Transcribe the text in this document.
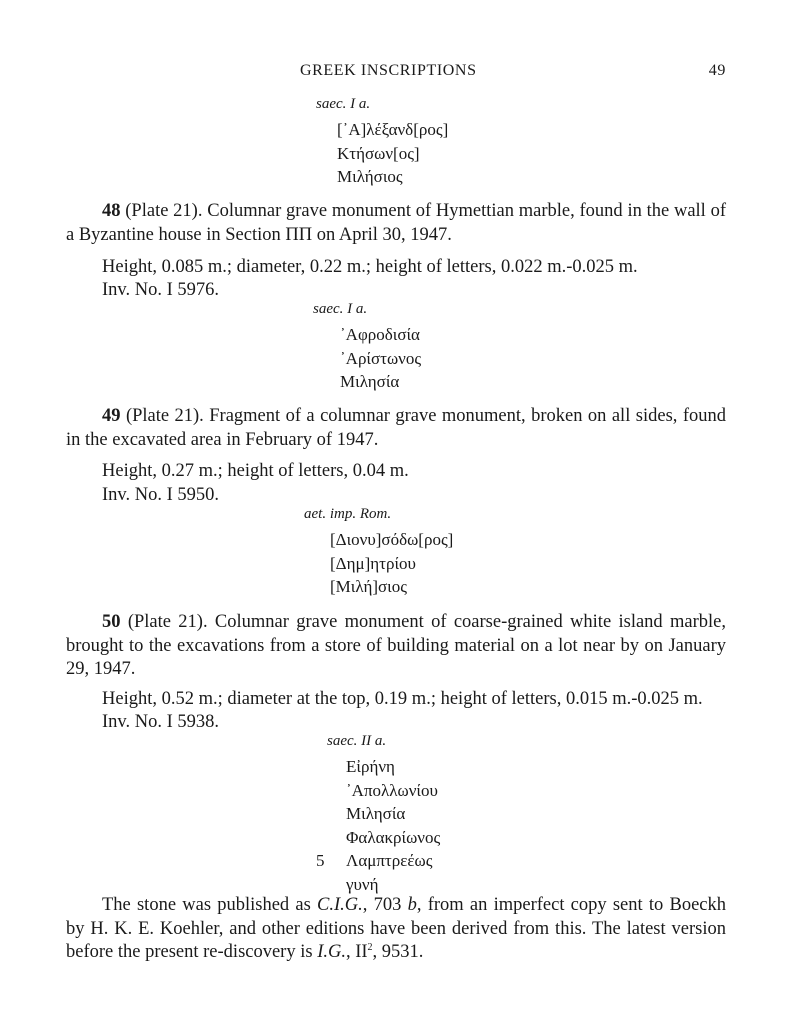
GREEK INSCRIPTIONS	49
saec. I a.
[᾿Α]λέξανδ[ρος]
Κτήσων[ος]
Μιλήσιος
48 (Plate 21). Columnar grave monument of Hymettian marble, found in the wall of a Byzantine house in Section ΠΠ on April 30, 1947.
Height, 0.085 m.; diameter, 0.22 m.; height of letters, 0.022 m.-0.025 m.
Inv. No. I 5976.
saec. I a.
᾿Αφροδισία
᾿Αρίστωνος
Μιλησία
49 (Plate 21). Fragment of a columnar grave monument, broken on all sides, found in the excavated area in February of 1947.
Height, 0.27 m.; height of letters, 0.04 m.
Inv. No. I 5950.
aet. imp. Rom.
[Διονυ]σόδω[ρος]
[Δημ]ητρίου
[Μιλή]σιος
50 (Plate 21). Columnar grave monument of coarse-grained white island marble, brought to the excavations from a store of building material on a lot near by on January 29, 1947.
Height, 0.52 m.; diameter at the top, 0.19 m.; height of letters, 0.015 m.-0.025 m.
Inv. No. I 5938.
saec. II a.
Εἰρήνη
᾿Απολλωνίου
Μιλησία
Φαλακρίωνος
5 Λαμπτρεέως
γυνή
The stone was published as C.I.G., 703 b, from an imperfect copy sent to Boeckh by H. K. E. Koehler, and other editions have been derived from this. The latest version before the present re-discovery is I.G., $II^2$, 9531.
